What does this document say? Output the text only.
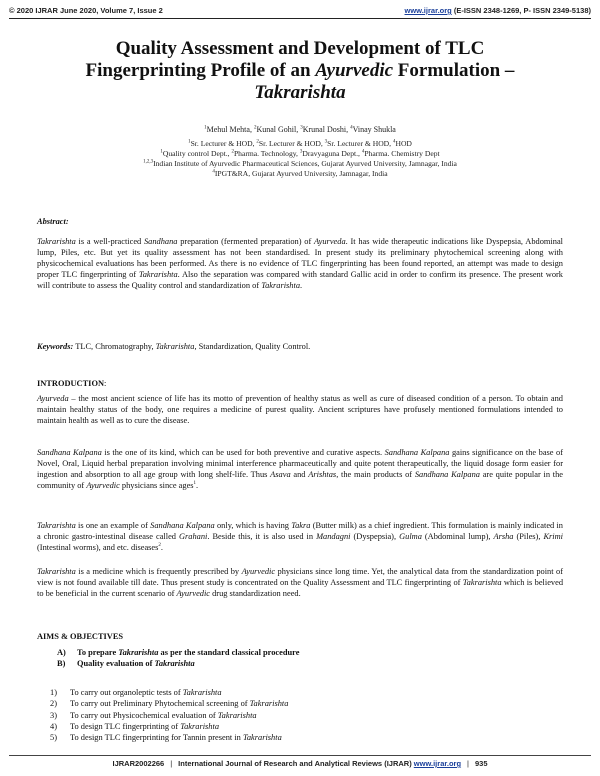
© 2020 IJRAR June 2020, Volume 7, Issue 2	www.ijrar.org (E-ISSN 2348-1269, P- ISSN 2349-5138)
Quality Assessment and Development of TLC
Fingerprinting Profile of an Ayurvedic Formulation –
Takrarishta
$^1$Mehul Mehta, $^2$Kunal Gohil, $^3$Krunal Doshi, $^4$Vinay Shukla
$^1$Sr. Lecturer & HOD, $^2$Sr. Lecturer & HOD, $^3$Sr. Lecturer & HOD, $^4$HOD
$^1$Quality control Dept., $^2$Pharma. Technology, $^3$Dravyaguna Dept., $^4$Pharma. Chemistry Dept
$^{1,2,3}$Indian Institute of Ayurvedic Pharmaceutical Sciences, Gujarat Ayurved University, Jamnagar, India
$^4$IPGT&RA, Gujarat Ayurved University, Jamnagar, India
Abstract:
Takrarishta is a well-practiced Sandhana preparation (fermented preparation) of Ayurveda. It has wide therapeutic indications like Dyspepsia, Abdominal lump, Piles, etc. But yet its quality assessment has not been standardised. In present study its preliminary phytochemical screening along with physicochemical evaluations has been performed. As there is no evidence of TLC fingerprinting has been found reported, an attempt was made to design proper TLC fingerprinting of Takrarishta. Also the separation was compared with standard Gallic acid in order to confirm its presence. The present work will contribute to assess the Quality control and standardization of Takrarishta.
Keywords: TLC, Chromatography, Takrarishta, Standardization, Quality Control.
INTRODUCTION:
Ayurveda – the most ancient science of life has its motto of prevention of healthy status as well as cure of diseased condition of a person. To obtain and maintain healthy status of the body, one requires a medicine of purest quality. Ancient scriptures have profusely mentioned formulations intended to maintain health as well as to cure the disease.
Sandhana Kalpana is the one of its kind, which can be used for both preventive and curative aspects. Sandhana Kalpana gains significance on the base of Novel, Oral, Liquid herbal preparation involving minimal interference pharmaceutically and quite potent therapeutically, the liquid dosage form easier for ingestion and absorption to all age group with long shelf-life. Thus Asava and Arishtas, the main products of Sandhana Kalpana are quite popular in the community of Ayurvedic physicians since ages$^1$.
Takrarishta is one an example of Sandhana Kalpana only, which is having Takra (Butter milk) as a chief ingredient. This formulation is mainly indicated in a chronic gastro-intestinal disease called Grahani. Beside this, it is also used in Mandagni (Dyspepsia), Gulma (Abdominal lump), Arsha (Piles), Krimi (Intestinal worms), and etc. diseases$^2$.
Takrarishta is a medicine which is frequently prescribed by Ayurvedic physicians since long time. Yet, the analytical data from the standardization point of view is not found available till date. Thus present study is concentrated on the Quality Assessment and TLC fingerprinting of Takrarishta which is believed to be beneficial in the current scenario of Ayurvedic drug standardization need.
AIMS & OBJECTIVES
A) To prepare Takrarishta as per the standard classical procedure
B) Quality evaluation of Takrarishta
1) To carry out organoleptic tests of Takrarishta
2) To carry out Preliminary Phytochemical screening of Takrarishta
3) To carry out Physicochemical evaluation of Takrarishta
4) To design TLC fingerprinting of Takrarishta
5) To design TLC fingerprinting for Tannin present in Takrarishta
IJRAR2002266 | International Journal of Research and Analytical Reviews (IJRAR) www.ijrar.org | 935
